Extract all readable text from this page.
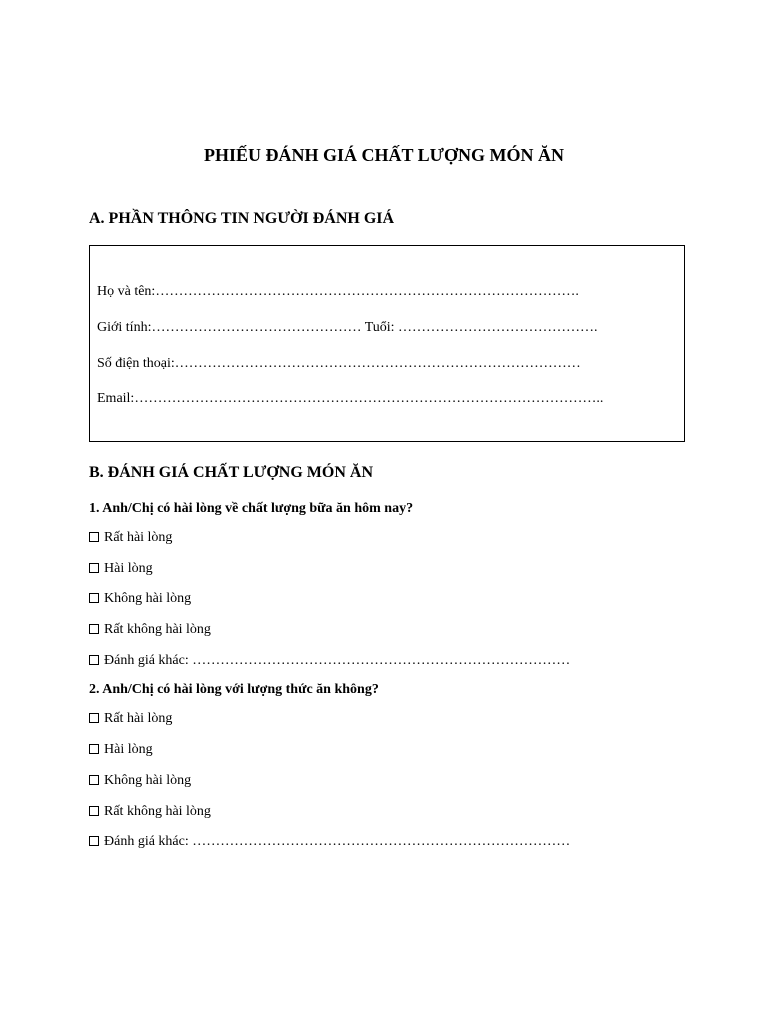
PHIẾU ĐÁNH GIÁ CHẤT LƯỢNG MÓN ĂN
A. PHẦN THÔNG TIN NGƯỜI ĐÁNH GIÁ
Họ và tên:……………………………………………………………………………….
Giới tính:……………………………………… Tuổi: …………………………………….
Số điện thoại:……………………………………………………………………………
Email:………………………………………………………………………………………..
B. ĐÁNH GIÁ CHẤT LƯỢNG MÓN ĂN
1. Anh/Chị có hài lòng về chất lượng bữa ăn hôm nay?
Rất hài lòng
Hài lòng
Không hài lòng
Rất không hài lòng
Đánh giá khác: ………………………………………………………………………
2. Anh/Chị có hài lòng với lượng thức ăn không?
Rất hài lòng
Hài lòng
Không hài lòng
Rất không hài lòng
Đánh giá khác: ………………………………………………………………………
